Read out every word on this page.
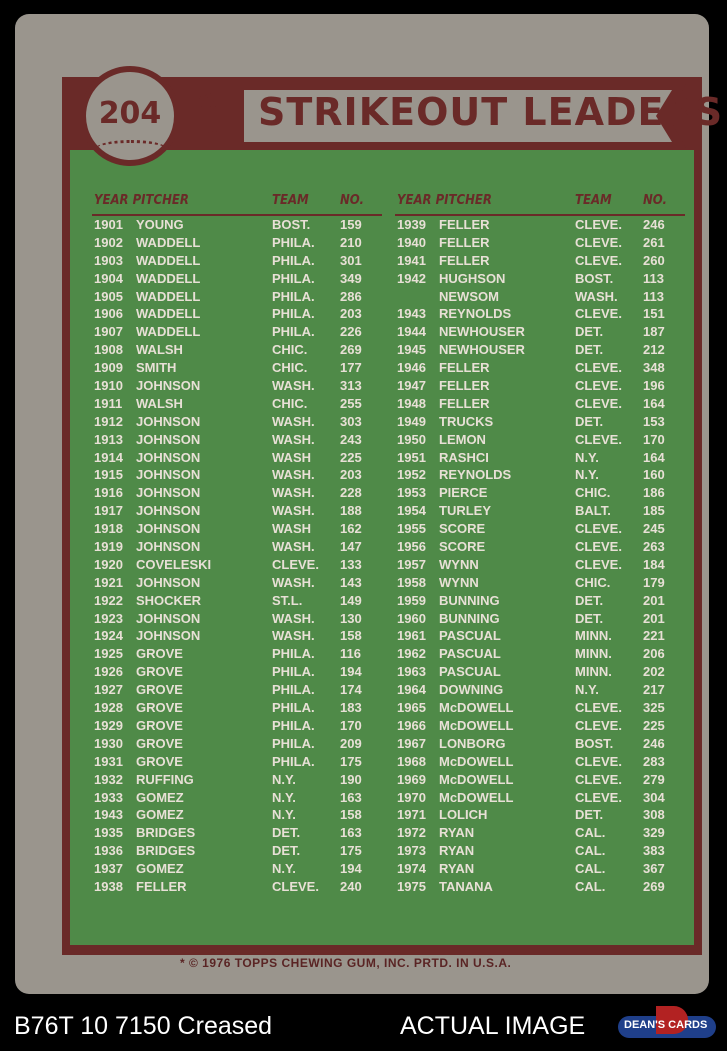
STRIKEOUT LEADERS
204	A
L.
YEAR PITCHER	TEAM NO.
1901	YOUNG	BOST. 159
1902	WADDELL	PHILA. 210
1903	WADDELL	PHILA. 301
1904	WADDELL	PHILA. 349
1905	WADDELL	PHILA. 286
1906	WADDELL	PHILA. 203
1907	WADDELL	PHILA. 226
1908	WALSH	CHIC.	269
1909	SMITH	CHIC.	177
1910	JOHNSON	WASH. 313
1911	WALSH	CHIC.	255
1912	JOHNSON	WASH. 303
1913	JOHNSON	WASH. 243
1914	JOHNSON	WASH 225
1915	JOHNSON	WASH. 203
1916	JOHNSON	WASH. 228
1917	JOHNSON	WASH. 188
1918	JOHNSON	WASH 162
1919	JOHNSON	WASH. 147
1920	COVELESKI	CLEVE. 133
1921	JOHNSON	WASH. 143
1922	SHOCKER	ST.L.	149
1923	JOHNSON	WASH. 130
1924	JOHNSON	WASH. 158
1925	GROVE	PHILA. 116
1926	GROVE	PHILA. 194
1927	GROVE	PHILA. 174
1928	GROVE	PHILA. 183
1929	GROVE	PHILA. 170
1930	GROVE	PHILA. 209
1931	GROVE	PHILA. 175
1932	RUFFING	N.Y.	190
1933	GOMEZ	N.Y.	163
1943	GOMEZ	N.Y.	158
1935	BRIDGES	DET.	163
1936	BRIDGES	DET.	175
1937	GOMEZ	N.Y.	194
1938	FELLER	CLEVE. 240
YEAR PITCHER	TEAM NO.
1939	FELLER	CLEVE. 246
1940	FELLER	CLEVE. 261
1941	FELLER	CLEVE. 260
1942	HUGHSON	BOST. 113
NEWSOM	WASH. 113
1943	REYNOLDS	CLEVE. 151
1944	NEWHOUSER	DET.	187
1945	NEWHOUSER	DET.	212
1946	FELLER	CLEVE. 348
1947	FELLER	CLEVE. 196
1948	FELLER	CLEVE. 164
1949	TRUCKS	DET.	153
1950	LEMON	CLEVE. 170
1951	RASHCI	N.Y.	164
1952	REYNOLDS	N.Y.	160
1953	PIERCE	CHIC.	186
1954	TURLEY	BALT. 185
1955	SCORE	CLEVE. 245
1956	SCORE	CLEVE. 263
1957	WYNN	CLEVE. 184
1958	WYNN	CHIC.	179
1959	BUNNING	DET.	201
1960	BUNNING	DET.	201
1961	PASCUAL	MINN. 221
1962	PASCUAL	MINN. 206
1963	PASCUAL	MINN. 202
1964	DOWNING	N.Y.	217
1965	McDOWELL	CLEVE. 325
1966	McDOWELL	CLEVE. 225
1967	LONBORG	BOST. 246
1968	McDOWELL	CLEVE. 283
1969	McDOWELL	CLEVE. 279
1970	McDOWELL	CLEVE. 304
1971	LOLICH	DET.	308
1972	RYAN	CAL.	329
1973	RYAN	CAL.	383
1974	RYAN	CAL.	367
1975	TANANA	CAL.	269
* © 1976 TOPPS CHEWING GUM, INC. PRTD. IN U.S.A.
B76T 10 7150 Creased	ACTUAL IMAGE	DEAN'S CARDS
